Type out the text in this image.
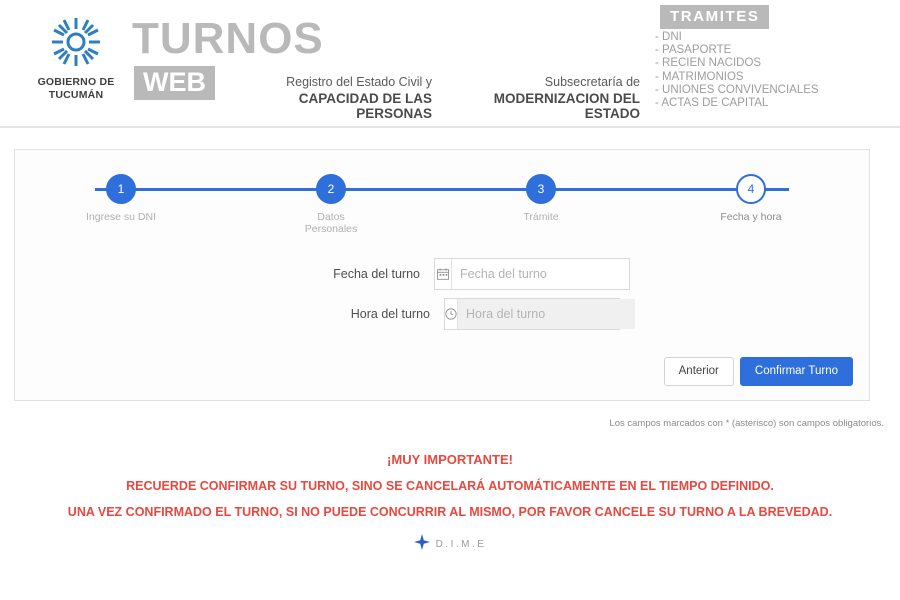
GOBIERNO DE
TUCUMÁN
TURNOS
WEB	Registro del Estado Civil y
CAPACIDAD DE LAS PERSONAS
Subsecretaría de
MODERNIZACION DEL ESTADO
TRAMITES
- DNI
- PASAPORTE
- RECIEN NACIDOS
- MATRIMONIOS
- UNIONES CONVIVENCIALES
- ACTAS DE CAPITAL
1
Ingrese su DNI
2
Datos Personales
3
Trámite
4
Fecha y hora
Fecha del turno
Fecha del turno
Hora del turno
Hora del turno
Anterior	Confirmar Turno
Los campos marcados con * (asterisco) son campos obligatorios.
¡MUY IMPORTANTE!
RECUERDE CONFIRMAR SU TURNO, SINO SE CANCELARÁ AUTOMÁTICAMENTE EN EL TIEMPO DEFINIDO.
UNA VEZ CONFIRMADO EL TURNO, SI NO PUEDE CONCURRIR AL MISMO, POR FAVOR CANCELE SU TURNO A LA BREVEDAD.
D.I.M.E
